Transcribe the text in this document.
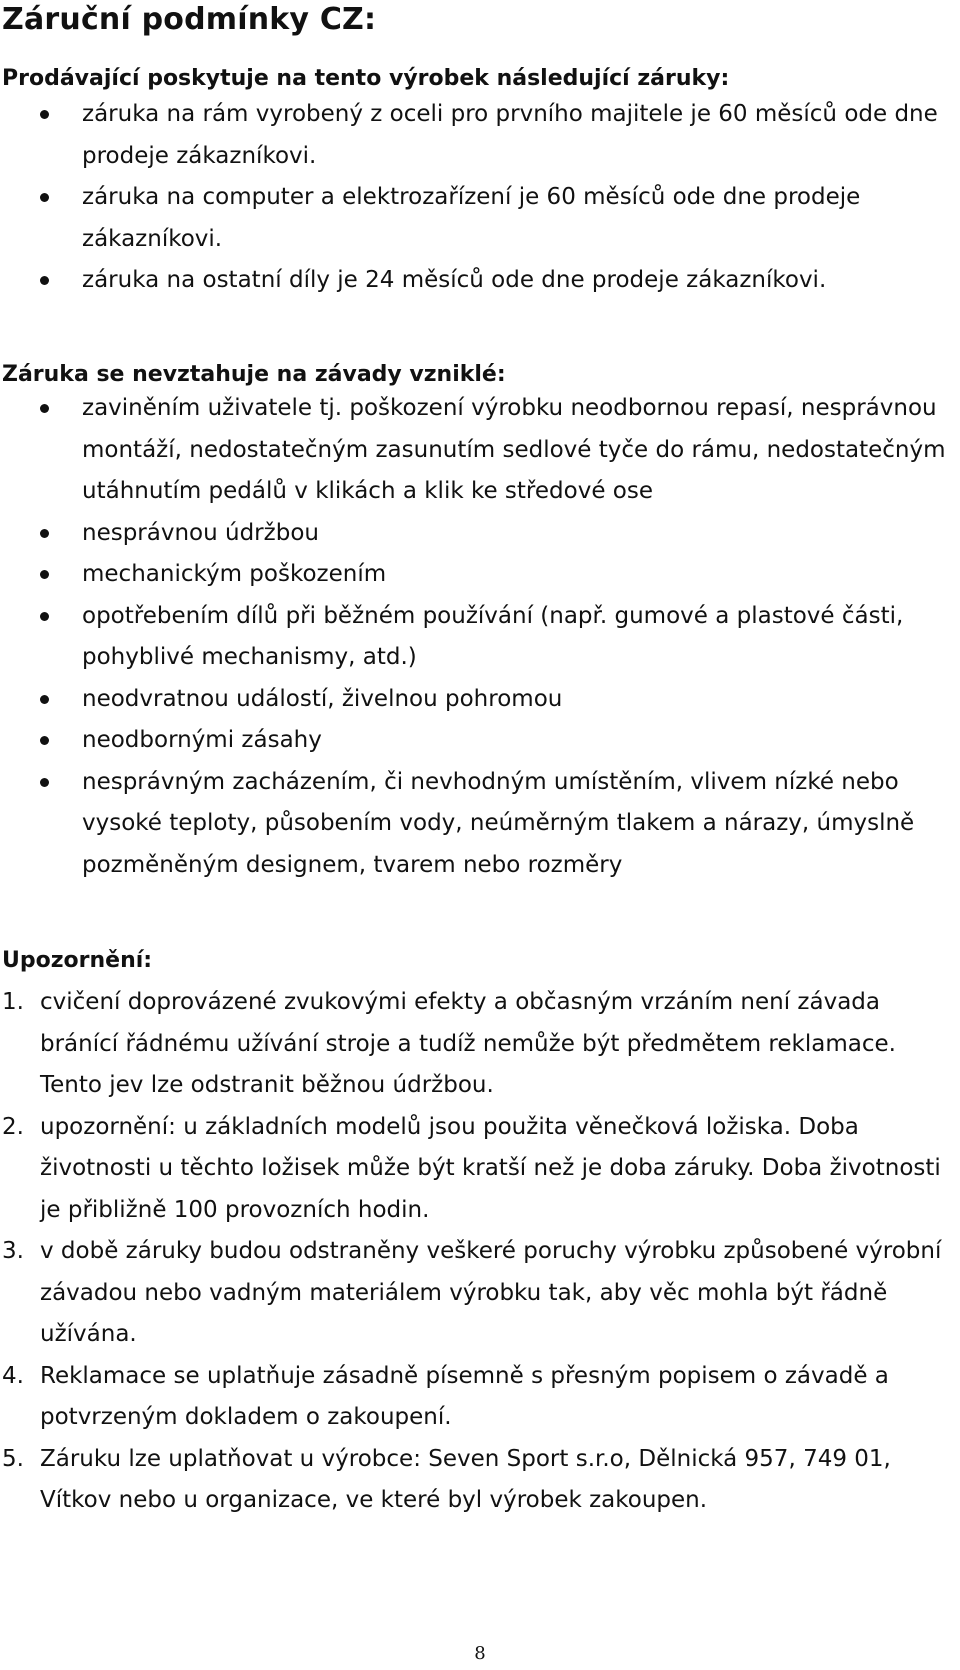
Záruční podmínky CZ:
Prodávající poskytuje na tento výrobek následující záruky:
záruka na rám vyrobený z oceli pro prvního majitele je 60 měsíců ode dne prodeje zákazníkovi.
záruka na computer a elektrozařízení je 60 měsíců ode dne prodeje zákazníkovi.
záruka na ostatní díly je 24 měsíců ode dne prodeje zákazníkovi.
Záruka se nevztahuje na závady vzniklé:
zaviněním uživatele tj. poškození výrobku neodbornou repasí, nesprávnou montáží, nedostatečným zasunutím sedlové tyče do rámu, nedostatečným utáhnutím pedálů v klikách a klik ke středové ose
nesprávnou údržbou
mechanickým poškozením
opotřebením dílů při běžném používání (např. gumové a plastové části, pohyblivé mechanismy, atd.)
neodvratnou událostí, živelnou pohromou
neodbornými zásahy
nesprávným zacházením, či nevhodným umístěním, vlivem nízké nebo vysoké teploty, působením vody, neúměrným tlakem a nárazy, úmyslně pozměněným designem, tvarem nebo rozměry
Upozornění:
1. cvičení doprovázené zvukovými efekty a občasným vrzáním není závada bránící řádnému užívání stroje a tudíž nemůže být předmětem reklamace. Tento jev lze odstranit běžnou údržbou.
2. upozornění: u základních modelů jsou použita věnečková ložiska. Doba životnosti u těchto ložisek může být kratší než je doba záruky. Doba životnosti je přibližně 100 provozních hodin.
3. v době záruky budou odstraněny veškeré poruchy výrobku způsobené výrobní závadou nebo vadným materiálem výrobku tak, aby věc mohla být řádně užívána.
4. Reklamace se uplatňuje zásadně písemně s přesným popisem o závadě a potvrzeným dokladem o zakoupení.
5. Záruku lze uplatňovat u výrobce: Seven Sport s.r.o, Dělnická 957, 749 01, Vítkov nebo u organizace, ve které byl výrobek zakoupen.
8
